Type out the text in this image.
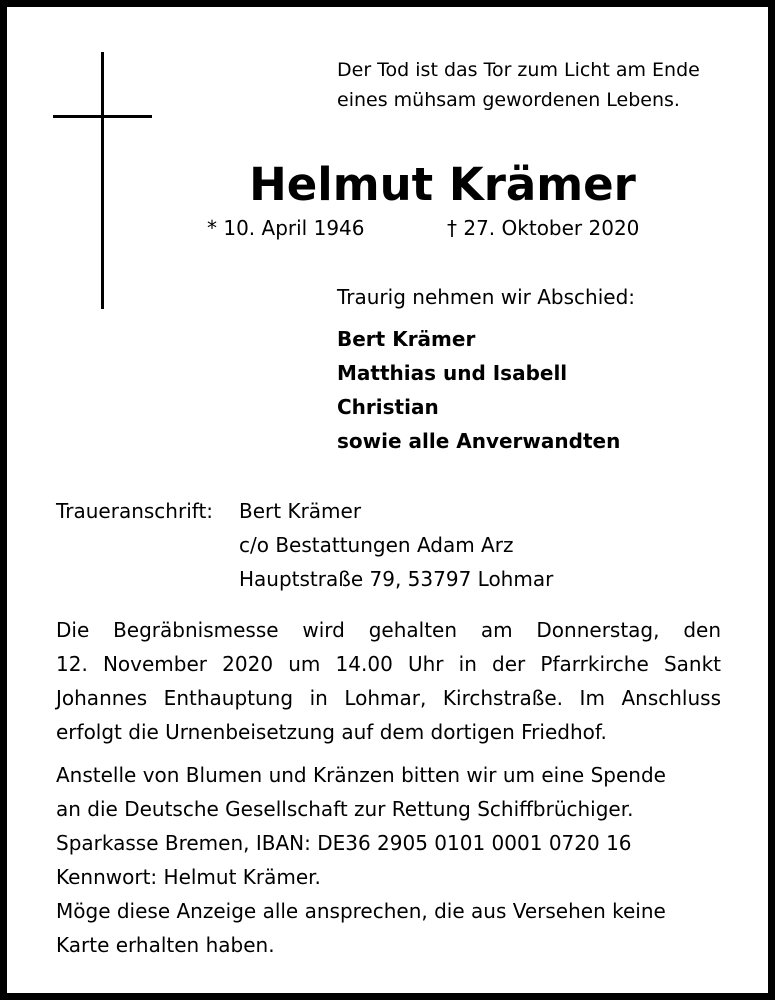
Der Tod ist das Tor zum Licht am Ende
eines mühsam gewordenen Lebens.
Helmut Krämer
* 10. April 1946	† 27. Oktober 2020
Traurig nehmen wir Abschied:
Bert Krämer
Matthias und Isabell
Christian
sowie alle Anverwandten
Traueranschrift: Bert Krämer
c/o Bestattungen Adam Arz
Hauptstraße 79, 53797 Lohmar
Die Begräbnismesse wird gehalten am Donnerstag, den
12. November 2020 um 14.00 Uhr in der Pfarrkirche Sankt
Johannes Enthauptung in Lohmar, Kirchstraße. Im Anschluss
erfolgt die Urnenbeisetzung auf dem dortigen Friedhof.
Anstelle von Blumen und Kränzen bitten wir um eine Spende
an die Deutsche Gesellschaft zur Rettung Schiffbrüchiger.
Sparkasse Bremen, IBAN: DE36 2905 0101 0001 0720 16
Kennwort: Helmut Krämer.
Möge diese Anzeige alle ansprechen, die aus Versehen keine
Karte erhalten haben.
